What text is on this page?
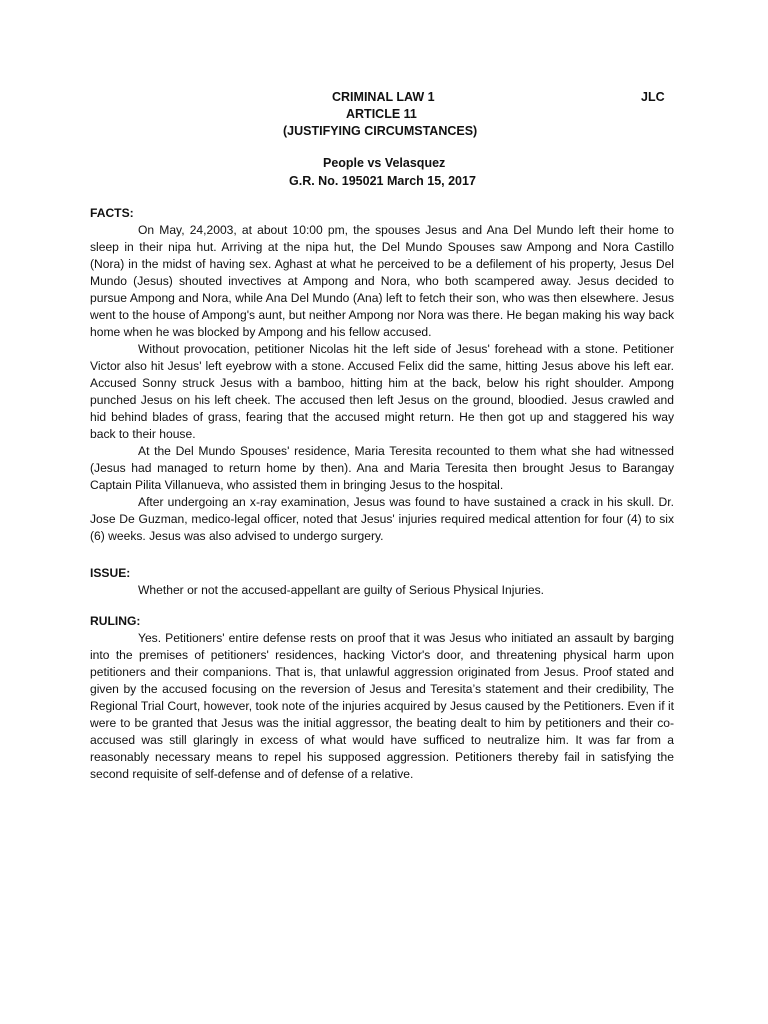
CRIMINAL LAW 1	JLC
ARTICLE 11
(JUSTIFYING CIRCUMSTANCES)
People vs Velasquez
G.R. No. 195021 March 15, 2017

FACTS:

On May, 24,2003, at about 10:00 pm, the spouses Jesus and Ana Del Mundo left their home to sleep in their nipa hut. Arriving at the nipa hut, the Del Mundo Spouses saw Ampong and Nora Castillo (Nora) in the midst of having sex. Aghast at what he perceived to be a defilement of his property, Jesus Del Mundo (Jesus) shouted invectives at Ampong and Nora, who both scampered away. Jesus decided to pursue Ampong and Nora, while Ana Del Mundo (Ana) left to fetch their son, who was then elsewhere. Jesus went to the house of Ampong's aunt, but neither Ampong nor Nora was there. He began making his way back home when he was blocked by Ampong and his fellow accused.

Without provocation, petitioner Nicolas hit the left side of Jesus' forehead with a stone. Petitioner Victor also hit Jesus' left eyebrow with a stone. Accused Felix did the same, hitting Jesus above his left ear. Accused Sonny struck Jesus with a bamboo, hitting him at the back, below his right shoulder. Ampong punched Jesus on his left cheek. The accused then left Jesus on the ground, bloodied. Jesus crawled and hid behind blades of grass, fearing that the accused might return. He then got up and staggered his way back to their house.

At the Del Mundo Spouses' residence, Maria Teresita recounted to them what she had witnessed (Jesus had managed to return home by then). Ana and Maria Teresita then brought Jesus to Barangay Captain Pilita Villanueva, who assisted them in bringing Jesus to the hospital.

After undergoing an x-ray examination, Jesus was found to have sustained a crack in his skull. Dr. Jose De Guzman, medico-legal officer, noted that Jesus' injuries required medical attention for four (4) to six (6) weeks. Jesus was also advised to undergo surgery.

ISSUE:

Whether or not the accused-appellant are guilty of Serious Physical Injuries.

RULING:

Yes. Petitioners' entire defense rests on proof that it was Jesus who initiated an assault by barging into the premises of petitioners' residences, hacking Victor's door, and threatening physical harm upon petitioners and their companions. That is, that unlawful aggression originated from Jesus. Proof stated and given by the accused focusing on the reversion of Jesus and Teresita’s statement and their credibility, The Regional Trial Court, however, took note of the injuries acquired by Jesus caused by the Petitioners. Even if it were to be granted that Jesus was the initial aggressor, the beating dealt to him by petitioners and their co-accused was still glaringly in excess of what would have sufficed to neutralize him. It was far from a reasonably necessary means to repel his supposed aggression. Petitioners thereby fail in satisfying the second requisite of self-defense and of defense of a relative.
